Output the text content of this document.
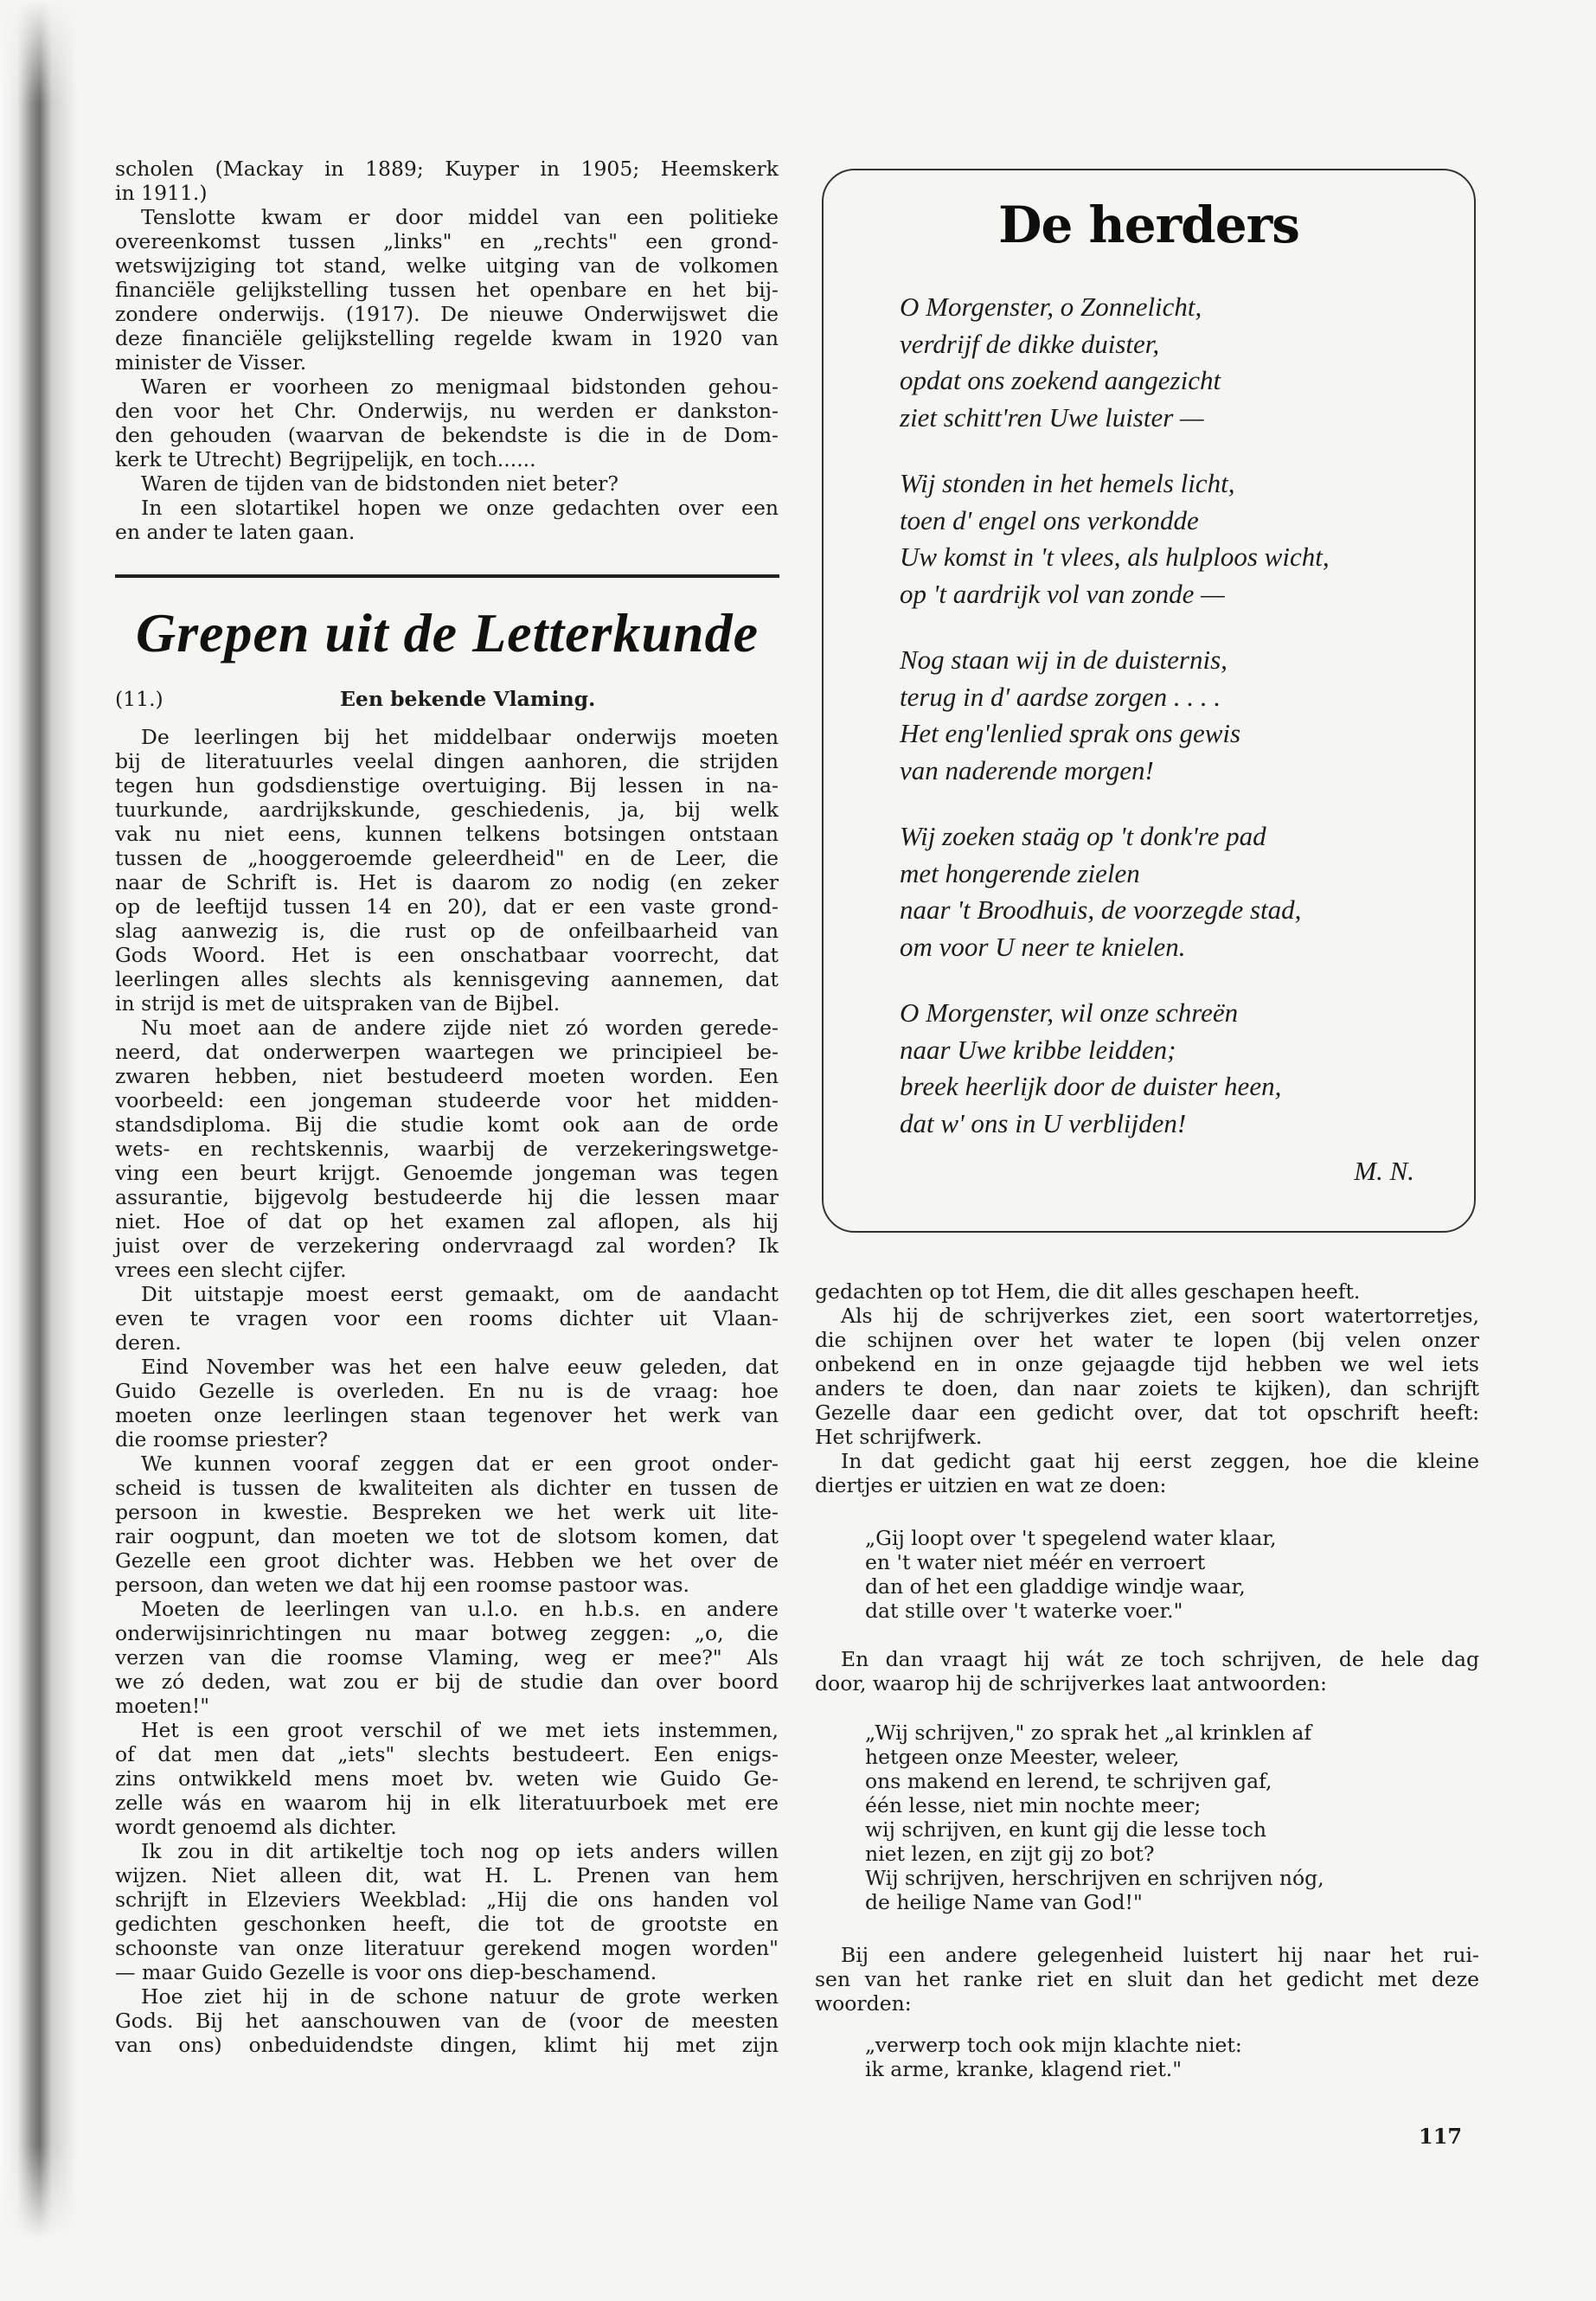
scholen (Mackay in 1889; Kuyper in 1905; Heemskerk
in 1911.)
Tenslotte kwam er door middel van een politieke
overeenkomst tussen „links" en „rechts" een grond-
wetswijziging tot stand, welke uitging van de volkomen
financiële gelijkstelling tussen het openbare en het bij-
zondere onderwijs. (1917). De nieuwe Onderwijswet die
deze financiële gelijkstelling regelde kwam in 1920 van
minister de Visser.
Waren er voorheen zo menigmaal bidstonden gehou-
den voor het Chr. Onderwijs, nu werden er dankston-
den gehouden (waarvan de bekendste is die in de Dom-
kerk te Utrecht) Begrijpelijk, en toch......
Waren de tijden van de bidstonden niet beter?
In een slotartikel hopen we onze gedachten over een
en ander te laten gaan.
Grepen uit de Letterkunde
(11.)	Een bekende Vlaming.
De leerlingen bij het middelbaar onderwijs moeten
bij de literatuurles veelal dingen aanhoren, die strijden
tegen hun godsdienstige overtuiging. Bij lessen in na-
tuurkunde, aardrijkskunde, geschiedenis, ja, bij welk
vak nu niet eens, kunnen telkens botsingen ontstaan
tussen de „hooggeroemde geleerdheid" en de Leer, die
naar de Schrift is. Het is daarom zo nodig (en zeker
op de leeftijd tussen 14 en 20), dat er een vaste grond-
slag aanwezig is, die rust op de onfeilbaarheid van
Gods Woord. Het is een onschatbaar voorrecht, dat
leerlingen alles slechts als kennisgeving aannemen, dat
in strijd is met de uitspraken van de Bijbel.
Nu moet aan de andere zijde niet zó worden gerede-
neerd, dat onderwerpen waartegen we principieel be-
zwaren hebben, niet bestudeerd moeten worden. Een
voorbeeld: een jongeman studeerde voor het midden-
standsdiploma. Bij die studie komt ook aan de orde
wets- en rechtskennis, waarbij de verzekeringswetge-
ving een beurt krijgt. Genoemde jongeman was tegen
assurantie, bijgevolg bestudeerde hij die lessen maar
niet. Hoe of dat op het examen zal aflopen, als hij
juist over de verzekering ondervraagd zal worden? Ik
vrees een slecht cijfer.
Dit uitstapje moest eerst gemaakt, om de aandacht
even te vragen voor een rooms dichter uit Vlaan-
deren.
Eind November was het een halve eeuw geleden, dat
Guido Gezelle is overleden. En nu is de vraag: hoe
moeten onze leerlingen staan tegenover het werk van
die roomse priester?
We kunnen vooraf zeggen dat er een groot onder-
scheid is tussen de kwaliteiten als dichter en tussen de
persoon in kwestie. Bespreken we het werk uit lite-
rair oogpunt, dan moeten we tot de slotsom komen, dat
Gezelle een groot dichter was. Hebben we het over de
persoon, dan weten we dat hij een roomse pastoor was.
Moeten de leerlingen van u.l.o. en h.b.s. en andere
onderwijsinrichtingen nu maar botweg zeggen: „o, die
verzen van die roomse Vlaming, weg er mee?" Als
we zó deden, wat zou er bij de studie dan over boord
moeten!"
Het is een groot verschil of we met iets instemmen,
of dat men dat „iets" slechts bestudeert. Een enigs-
zins ontwikkeld mens moet bv. weten wie Guido Ge-
zelle wás en waarom hij in elk literatuurboek met ere
wordt genoemd als dichter.
Ik zou in dit artikeltje toch nog op iets anders willen
wijzen. Niet alleen dit, wat H. L. Prenen van hem
schrijft in Elzeviers Weekblad: „Hij die ons handen vol
gedichten geschonken heeft, die tot de grootste en
schoonste van onze literatuur gerekend mogen worden"
— maar Guido Gezelle is voor ons diep-beschamend.
Hoe ziet hij in de schone natuur de grote werken
Gods. Bij het aanschouwen van de (voor de meesten
van ons) onbeduidendste dingen, klimt hij met zijn
De herders
O Morgenster, o Zonnelicht,
verdrijf de dikke duister,
opdat ons zoekend aangezicht
ziet schitt'ren Uwe luister —
Wij stonden in het hemels licht,
toen d' engel ons verkondde
Uw komst in 't vlees, als hulploos wicht,
op 't aardrijk vol van zonde —
Nog staan wij in de duisternis,
terug in d' aardse zorgen . . . .
Het eng'lenlied sprak ons gewis
van naderende morgen!
Wij zoeken staäg op 't donk're pad
met hongerende zielen
naar 't Broodhuis, de voorzegde stad,
om voor U neer te knielen.
O Morgenster, wil onze schreën
naar Uwe kribbe leidden;
breek heerlijk door de duister heen,
dat w' ons in U verblijden!
M. N.
gedachten op tot Hem, die dit alles geschapen heeft.
Als hij de schrijverkes ziet, een soort watertorretjes,
die schijnen over het water te lopen (bij velen onzer
onbekend en in onze gejaagde tijd hebben we wel iets
anders te doen, dan naar zoiets te kijken), dan schrijft
Gezelle daar een gedicht over, dat tot opschrift heeft:
Het schrijfwerk.
In dat gedicht gaat hij eerst zeggen, hoe die kleine
diertjes er uitzien en wat ze doen:
„Gij loopt over 't spegelend water klaar,
en 't water niet méér en verroert
dan of het een gladdige windje waar,
dat stille over 't waterke voer."
En dan vraagt hij wát ze toch schrijven, de hele dag
door, waarop hij de schrijverkes laat antwoorden:
„Wij schrijven," zo sprak het „al krinklen af
hetgeen onze Meester, weleer,
ons makend en lerend, te schrijven gaf,
één lesse, niet min nochte meer;
wij schrijven, en kunt gij die lesse toch
niet lezen, en zijt gij zo bot?
Wij schrijven, herschrijven en schrijven nóg,
de heilige Name van God!"
Bij een andere gelegenheid luistert hij naar het rui-
sen van het ranke riet en sluit dan het gedicht met deze
woorden:
„verwerp toch ook mijn klachte niet:
ik arme, kranke, klagend riet."
117
